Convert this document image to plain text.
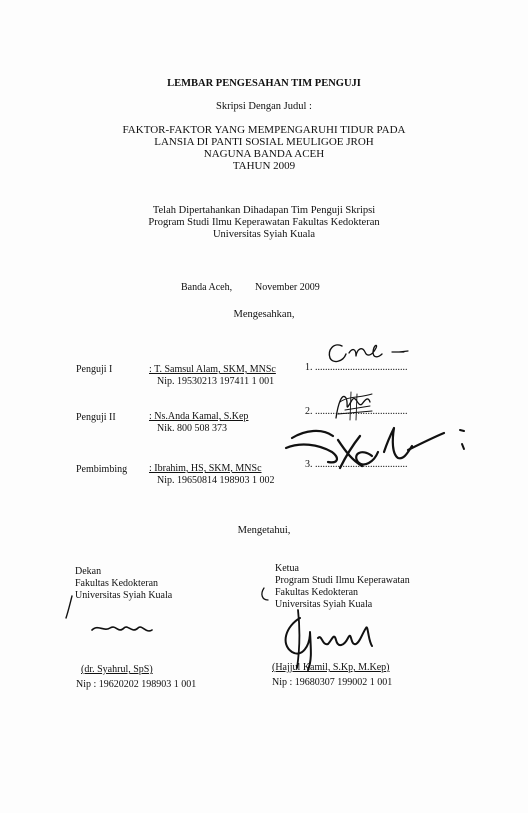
LEMBAR PENGESAHAN TIM PENGUJI
Skripsi Dengan Judul :
FAKTOR-FAKTOR YANG MEMPENGARUHI TIDUR PADA
LANSIA DI PANTI SOSIAL MEULIGOE JROH
NAGUNA BANDA ACEH
TAHUN 2009
Telah Dipertahankan Dihadapan Tim Penguji Skripsi
Program Studi Ilmu Keperawatan Fakultas Kedokteran
Universitas Syiah Kuala
Banda Aceh, November 2009
Mengesahkan,
Penguji I	: T. Samsul Alam, SKM, MNSc
Nip. 19530213 197411 1 001
1. .....................................
Penguji II	: Ns.Anda Kamal, S.Kep
Nik. 800 508 373
2. .....................................
Pembimbing : Ibrahim, HS, SKM, MNSc
Nip. 19650814 198903 1 002
3. .....................................
Mengetahui,
Dekan
Fakultas Kedokteran
Universitas Syiah Kuala
(dr. Syahrul, SpS)
Nip : 19620202 198903 1 001
Ketua
Program Studi Ilmu Keperawatan
Fakultas Kedokteran
Universitas Syiah Kuala
(Hajjul Kamil, S.Kp, M.Kep)
Nip : 19680307 199002 1 001
